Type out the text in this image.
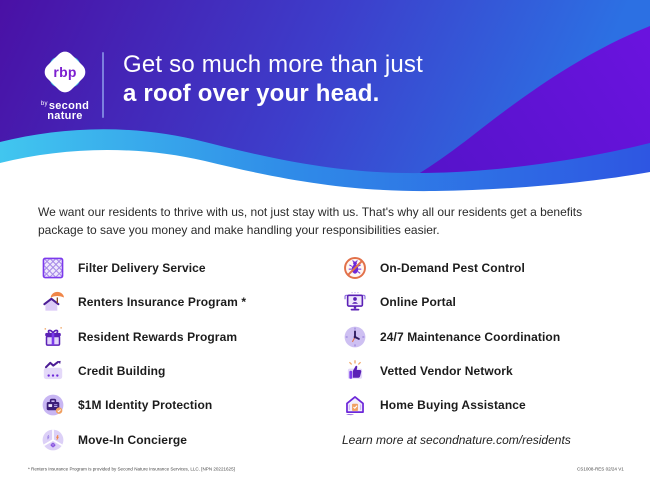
rbp
$^{by}$second
nature
Get so much more than just
a roof over your head.

We want our residents to thrive with us, not just stay with us. That's why all our residents get a benefits package to save you money and make handling your responsibilities easier.

Filter Delivery Service
Renters Insurance Program *
Resident Rewards Program
Credit Building
$1M Identity Protection
Move-In Concierge
On-Demand Pest Control
Online Portal
24/7 Maintenance Coordination
Vetted Vendor Network
Home Buying Assistance
Learn more at secondnature.com/residents
* Renters Insurance Program is provided by Second Nature Insurance Services, LLC. [NPN 20221625]	CS1008-RES 02/24 V1
